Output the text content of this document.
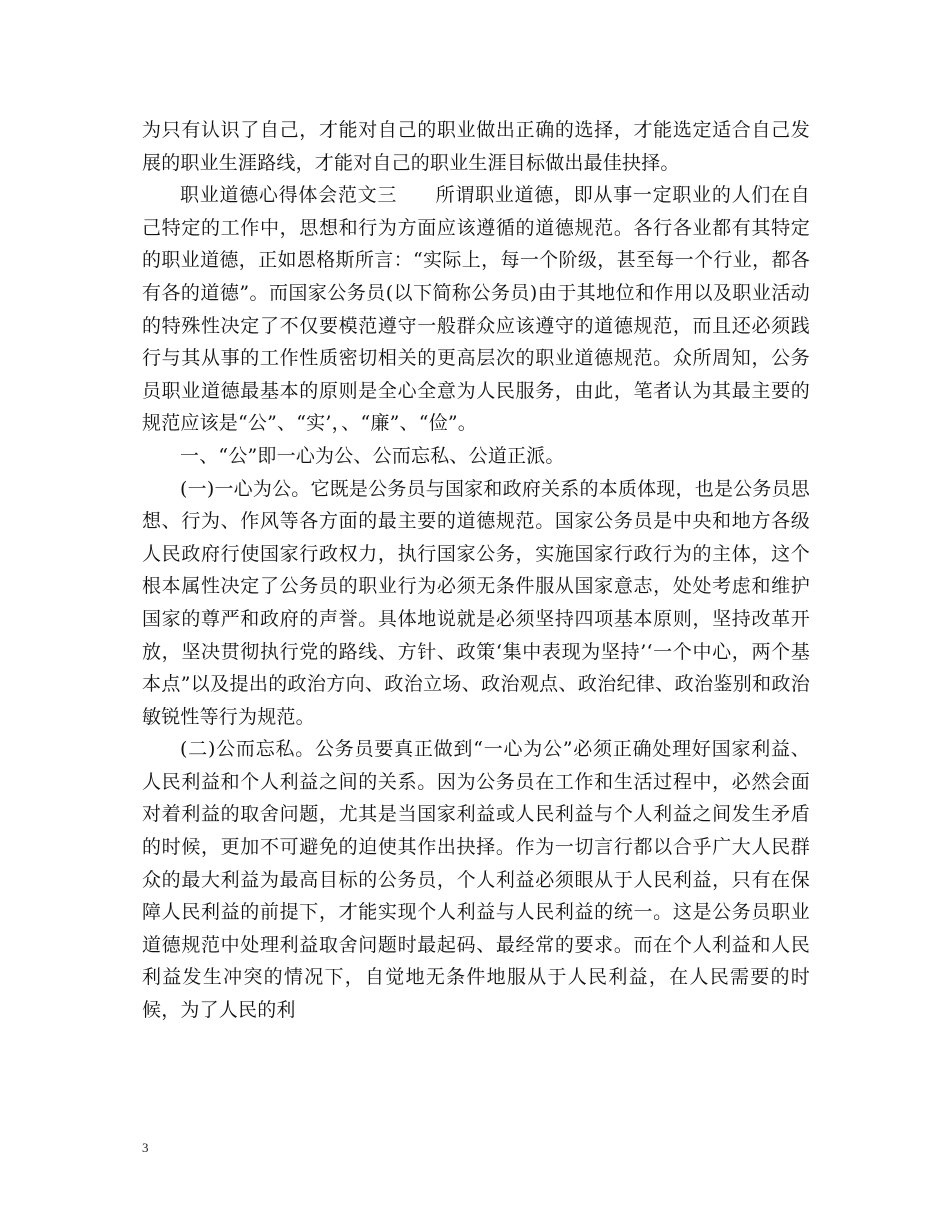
为只有认识了自己，才能对自己的职业做出正确的选择，才能选定适合自己发展的职业生涯路线，才能对自己的职业生涯目标做出最佳抉择。

职业道德心得体会范文三 所谓职业道德，即从事一定职业的人们在自己特定的工作中，思想和行为方面应该遵循的道德规范。各行各业都有其特定的职业道德，正如恩格斯所言：“实际上，每一个阶级，甚至每一个行业，都各有各的道德”。而国家公务员(以下简称公务员)由于其地位和作用以及职业活动的特殊性决定了不仅要模范遵守一般群众应该遵守的道德规范，而且还必须践行与其从事的工作性质密切相关的更高层次的职业道德规范。众所周知，公务员职业道德最基本的原则是全心全意为人民服务，由此，笔者认为其最主要的规范应该是“公”、“实’，、“廉”、“俭”。

一、“公”即一心为公、公而忘私、公道正派。

(一)一心为公。它既是公务员与国家和政府关系的本质体现，也是公务员思想、行为、作风等各方面的最主要的道德规范。国家公务员是中央和地方各级人民政府行使国家行政权力，执行国家公务，实施国家行政行为的主体，这个根本属性决定了公务员的职业行为必须无条件服从国家意志，处处考虑和维护国家的尊严和政府的声誉。具体地说就是必须坚持四项基本原则，坚持改革开放，坚决贯彻执行党的路线、方针、政策‘集中表现为坚持’‘一个中心，两个基本点”以及提出的政治方向、政治立场、政治观点、政治纪律、政治鉴别和政治敏锐性等行为规范。

(二)公而忘私。公务员要真正做到“一心为公”必须正确处理好国家利益、人民利益和个人利益之间的关系。因为公务员在工作和生活过程中，必然会面对着利益的取舍问题，尤其是当国家利益或人民利益与个人利益之间发生矛盾的时候，更加不可避免的迫使其作出抉择。作为一切言行都以合乎广大人民群众的最大利益为最高目标的公务员，个人利益必须眼从于人民利益，只有在保障人民利益的前提下，才能实现个人利益与人民利益的统一。这是公务员职业道德规范中处理利益取舍问题时最起码、最经常的要求。而在个人利益和人民利益发生冲突的情况下，自觉地无条件地服从于人民利益，在人民需要的时候，为了人民的利

3
